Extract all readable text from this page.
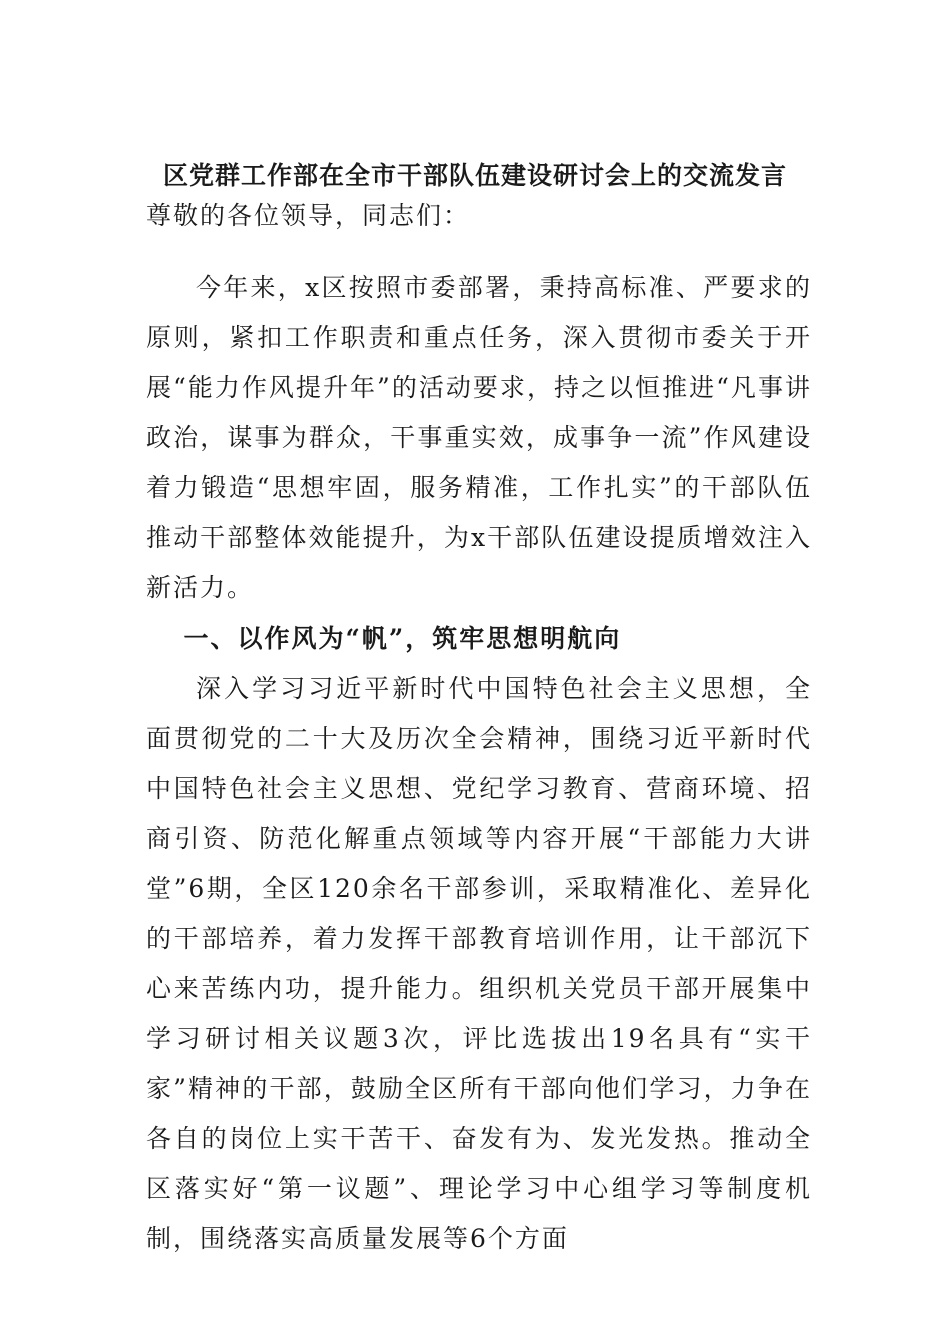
区党群工作部在全市干部队伍建设研讨会上的交流发言

尊敬的各位领导，同志们：

今年来，x区按照市委部署，秉持高标准、严要求的原则，紧扣工作职责和重点任务，深入贯彻市委关于开展“能力作风提升年”的活动要求，持之以恒推进“凡事讲政治，谋事为群众，干事重实效，成事争一流”作风建设着力锻造“思想牢固，服务精准，工作扎实”的干部队伍推动干部整体效能提升，为x干部队伍建设提质增效注入新活力。

一、以作风为“帆”，筑牢思想明航向

深入学习习近平新时代中国特色社会主义思想，全面贯彻党的二十大及历次全会精神，围绕习近平新时代中国特色社会主义思想、党纪学习教育、营商环境、招商引资、防范化解重点领域等内容开展“干部能力大讲堂”6期，全区120余名干部参训，采取精准化、差异化的干部培养，着力发挥干部教育培训作用，让干部沉下心来苦练内功，提升能力。组织机关党员干部开展集中学习研讨相关议题3次，评比选拔出19名具有“实干家”精神的干部，鼓励全区所有干部向他们学习，力争在各自的岗位上实干苦干、奋发有为、发光发热。推动全区落实好“第一议题”、理论学习中心组学习等制度机制，围绕落实高质量发展等6个方面
